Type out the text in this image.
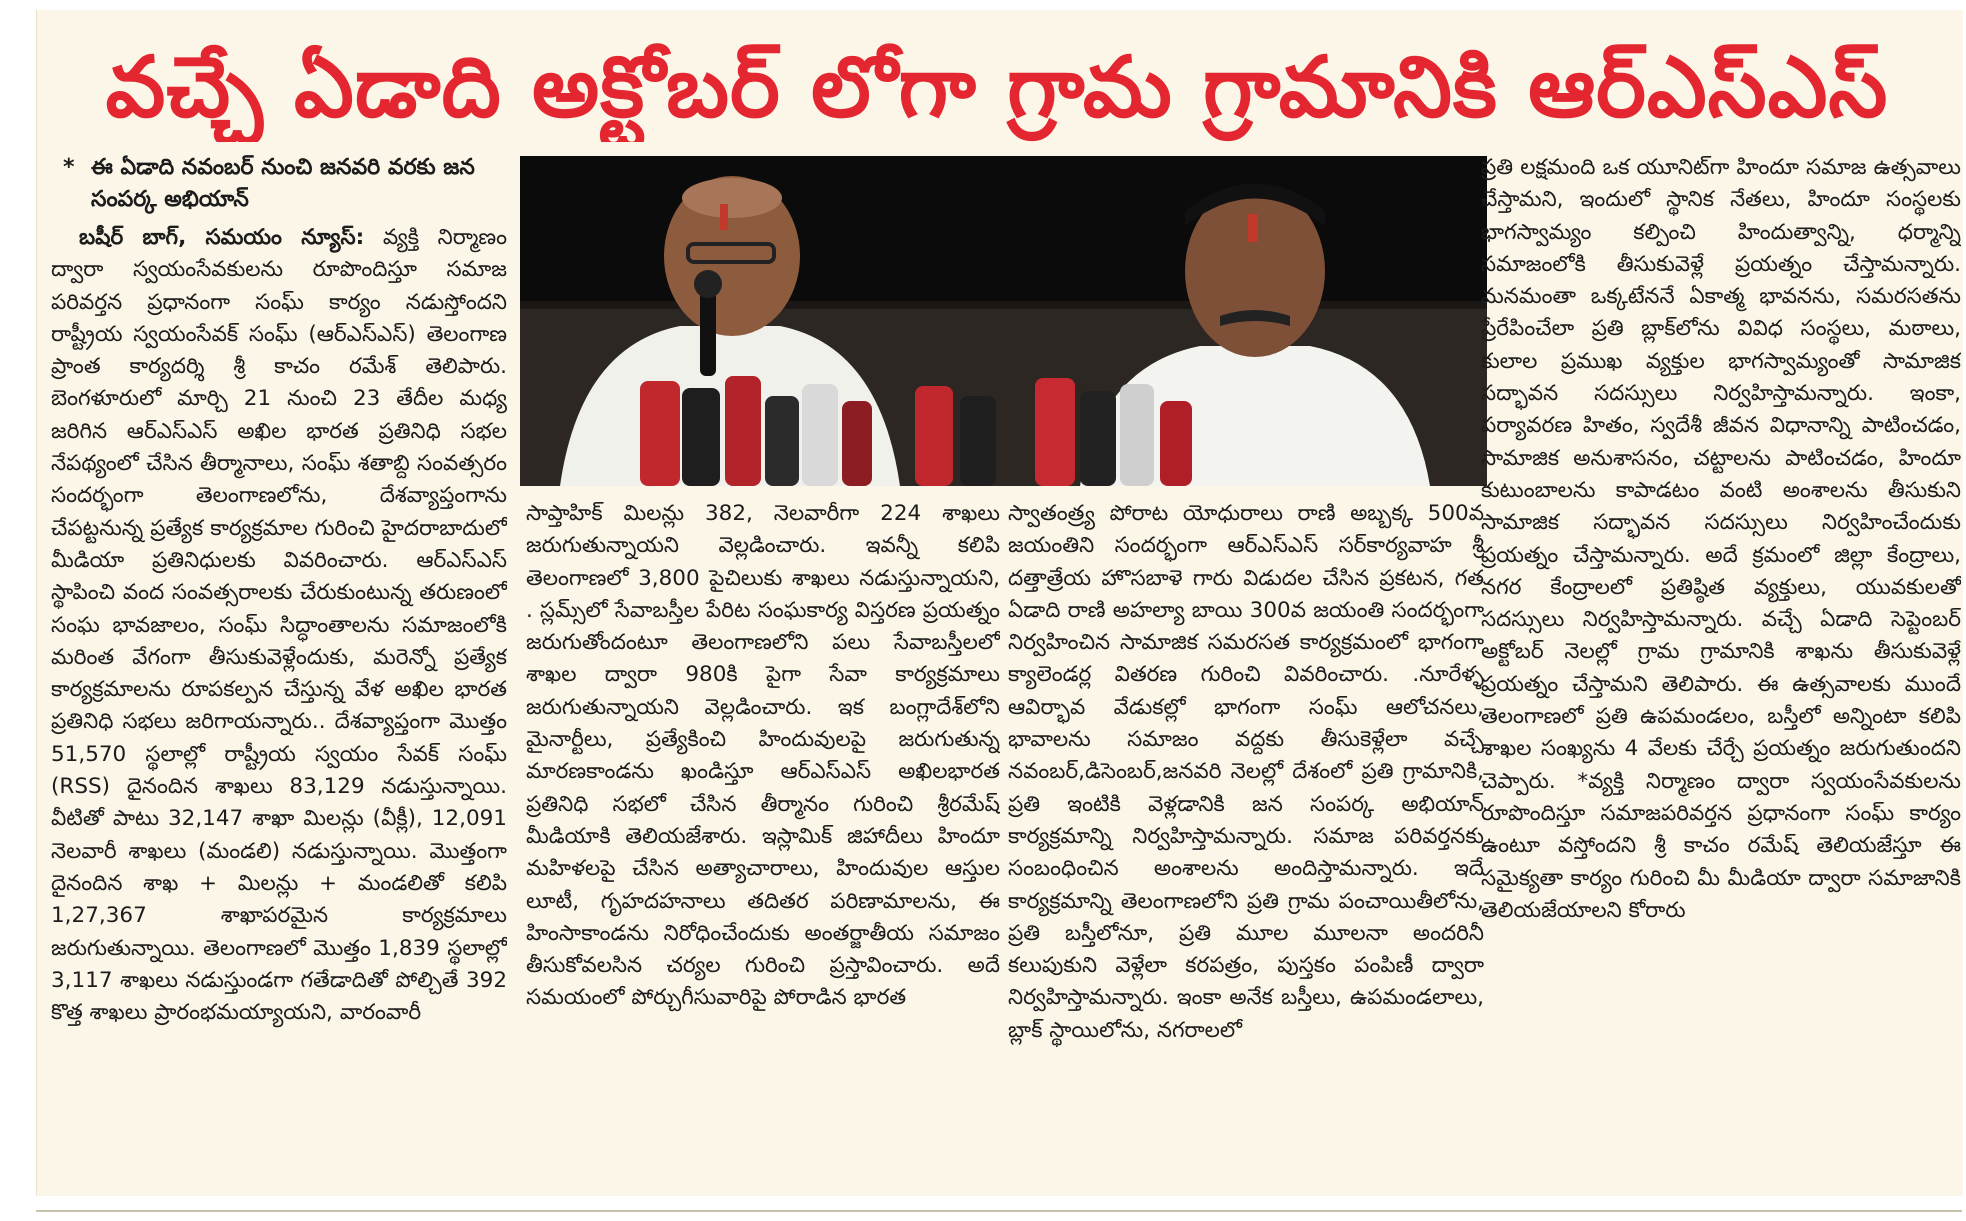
వచ్చే ఏడాది అక్టోబర్ లోగా గ్రామ గ్రామానికి ఆర్ఎస్ఎస్
* ఈ ఏడాది నవంబర్ నుంచి జనవరి వరకు జన సంపర్క అభియాన్

బషీర్ బాగ్, సమయం న్యూస్: వ్యక్తి నిర్మాణం ద్వారా స్వయంసేవకులను రూపొందిస్తూ సమాజ పరివర్తన ప్రధానంగా సంఘ్ కార్యం నడుస్తోందని రాష్ట్రీయ స్వయంసేవక్ సంఘ్ (ఆర్ఎస్ఎస్) తెలంగాణ ప్రాంత కార్యదర్శి శ్రీ కాచం రమేశ్ తెలిపారు. బెంగళూరులో మార్చి 21 నుంచి 23 తేదీల మధ్య జరిగిన ఆర్ఎస్ఎస్ అఖిల భారత ప్రతినిధి సభల నేపథ్యంలో చేసిన తీర్మానాలు, సంఘ్ శతాబ్ది సంవత్సరం సందర్భంగా తెలంగాణలోను, దేశవ్యాప్తంగాను చేపట్టనున్న ప్రత్యేక కార్యక్రమాల గురించి హైదరాబాదులో మీడియా ప్రతినిధులకు వివరించారు. ఆర్ఎస్ఎస్ స్థాపించి వంద సంవత్సరాలకు చేరుకుంటున్న తరుణంలో సంఘ భావజాలం, సంఘ్ సిద్ధాంతాలను సమాజంలోకి మరింత వేగంగా తీసుకువెళ్లేందుకు, మరెన్నో ప్రత్యేక కార్యక్రమాలను రూపకల్పన చేస్తున్న వేళ అఖిల భారత ప్రతినిధి సభలు జరిగాయన్నారు.. దేశవ్యాప్తంగా మొత్తం 51,570 స్థలాల్లో రాష్ట్రీయ స్వయం సేవక్ సంఘ్ (RSS) దైనందిన శాఖలు 83,129 నడుస్తున్నాయి. వీటితో పాటు 32,147 శాఖా మిలన్లు (వీక్లీ), 12,091 నెలవారీ శాఖలు (మండలి) నడుస్తున్నాయి. మొత్తంగా దైనందిన శాఖ + మిలన్లు + మండలితో కలిపి 1,27,367 శాఖాపరమైన కార్యక్రమాలు జరుగుతున్నాయి. తెలంగాణలో మొత్తం 1,839 స్థలాల్లో 3,117 శాఖలు నడుస్తుండగా గతేడాదితో పోల్చితే 392 కొత్త శాఖలు ప్రారంభమయ్యాయని, వారంవారీ

సాప్తాహిక్ మిలన్లు 382, నెలవారీగా 224 శాఖలు జరుగుతున్నాయని వెల్లడించారు. ఇవన్నీ కలిపి తెలంగాణలో 3,800 పైచిలుకు శాఖలు నడుస్తున్నాయని, . స్లమ్స్‌లో సేవాబస్తీల పేరిట సంఘకార్య విస్తరణ ప్రయత్నం జరుగుతోందంటూ తెలంగాణలోని పలు సేవాబస్తీలలో శాఖల ద్వారా 980కి పైగా సేవా కార్యక్రమాలు జరుగుతున్నాయని వెల్లడించారు. ఇక బంగ్లాదేశ్‌లోని మైనార్టీలు, ప్రత్యేకించి హిందువులపై జరుగుతున్న మారణకాండను ఖండిస్తూ ఆర్ఎస్ఎస్ అఖిలభారత ప్రతినిధి సభలో చేసిన తీర్మానం గురించి శ్రీరమేష్ మీడియాకి తెలియజేశారు. ఇస్లామిక్ జిహాదీలు హిందూ మహిళలపై చేసిన అత్యాచారాలు, హిందువుల ఆస్తుల లూటీ, గృహదహనాలు తదితర పరిణామాలను, ఈ హింసాకాండను నిరోధించేందుకు అంతర్జాతీయ సమాజం తీసుకోవలసిన చర్యల గురించి ప్రస్తావించారు. అదే సమయంలో పోర్చుగీసువారిపై పోరాడిన భారత

స్వాతంత్ర్య పోరాట యోధురాలు రాణి అబ్బక్క 500వ జయంతిని సందర్భంగా ఆర్ఎస్ఎస్ సర్‌కార్యవాహ శ్రీ దత్తాత్రేయ హొసబాళె గారు విడుదల చేసిన ప్రకటన, గత ఏడాది రాణి అహల్యా బాయి 300వ జయంతి సందర్భంగా నిర్వహించిన సామాజిక సమరసత కార్యక్రమంలో భాగంగా క్యాలెండర్ల వితరణ గురించి వివరించారు. .నూరేళ్ళ ఆవిర్భావ వేడుకల్లో భాగంగా సంఘ్ ఆలోచనలు, భావాలను సమాజం వద్దకు తీసుకెళ్లేలా వచ్చే నవంబర్,డిసెంబర్,జనవరి నెలల్లో దేశంలో ప్రతి గ్రామానికి, ప్రతి ఇంటికి వెళ్లడానికి జన సంపర్క అభియాన్ కార్యక్రమాన్ని నిర్వహిస్తామన్నారు. సమాజ పరివర్తనకు సంబంధించిన అంశాలను అందిస్తామన్నారు. ఇదే కార్యక్రమాన్ని తెలంగాణలోని ప్రతి గ్రామ పంచాయితీలోను, ప్రతి బస్తీలోనూ, ప్రతి మూల మూలనా అందరినీ కలుపుకుని వెళ్లేలా కరపత్రం, పుస్తకం పంపిణీ ద్వారా నిర్వహిస్తామన్నారు. ఇంకా అనేక బస్తీలు, ఉపమండలాలు, బ్లాక్ స్థాయిలోను, నగరాలలో

ప్రతి లక్షమంది ఒక యూనిట్‌గా హిందూ సమాజ ఉత్సవాలు చేస్తామని, ఇందులో స్థానిక నేతలు, హిందూ సంస్థలకు భాగస్వామ్యం కల్పించి హిందుత్వాన్ని, ధర్మాన్ని సమాజంలోకి తీసుకువెళ్లే ప్రయత్నం చేస్తామన్నారు. మనమంతా ఒక్కటేననే ఏకాత్మ భావనను, సమరసతను ప్రేరేపించేలా ప్రతి బ్లాక్‌లోను వివిధ సంస్థలు, మఠాలు, కులాల ప్రముఖ వ్యక్తుల భాగస్వామ్యంతో సామాజిక సద్భావన సదస్సులు నిర్వహిస్తామన్నారు. ఇంకా, పర్యావరణ హితం, స్వదేశీ జీవన విధానాన్ని పాటించడం, సామాజిక అనుశాసనం, చట్టాలను పాటించడం, హిందూ కుటుంబాలను కాపాడటం వంటి అంశాలను తీసుకుని సామాజిక సద్భావన సదస్సులు నిర్వహించేందుకు ప్రయత్నం చేస్తామన్నారు. అదే క్రమంలో జిల్లా కేంద్రాలు, నగర కేంద్రాలలో ప్రతిష్ఠిత వ్యక్తులు, యువకులతో సదస్సులు నిర్వహిస్తామన్నారు. వచ్చే ఏడాది సెప్టెంబర్ అక్టోబర్ నెలల్లో గ్రామ గ్రామానికి శాఖను తీసుకువెళ్లే ప్రయత్నం చేస్తామని తెలిపారు. ఈ ఉత్సవాలకు ముందే తెలంగాణలో ప్రతి ఉపమండలం, బస్తీలో అన్నింటా కలిపి శాఖల సంఖ్యను 4 వేలకు చేర్చే ప్రయత్నం జరుగుతుందని చెప్పారు. *వ్యక్తి నిర్మాణం ద్వారా స్వయంసేవకులను రూపొందిస్తూ సమాజపరివర్తన ప్రధానంగా సంఘ్ కార్యం ఉంటూ వస్తోందని శ్రీ కాచం రమేష్ తెలియజేస్తూ ఈ సమైక్యతా కార్యం గురించి మీ మీడియా ద్వారా సమాజానికి తెలియజేయాలని కోరారు
